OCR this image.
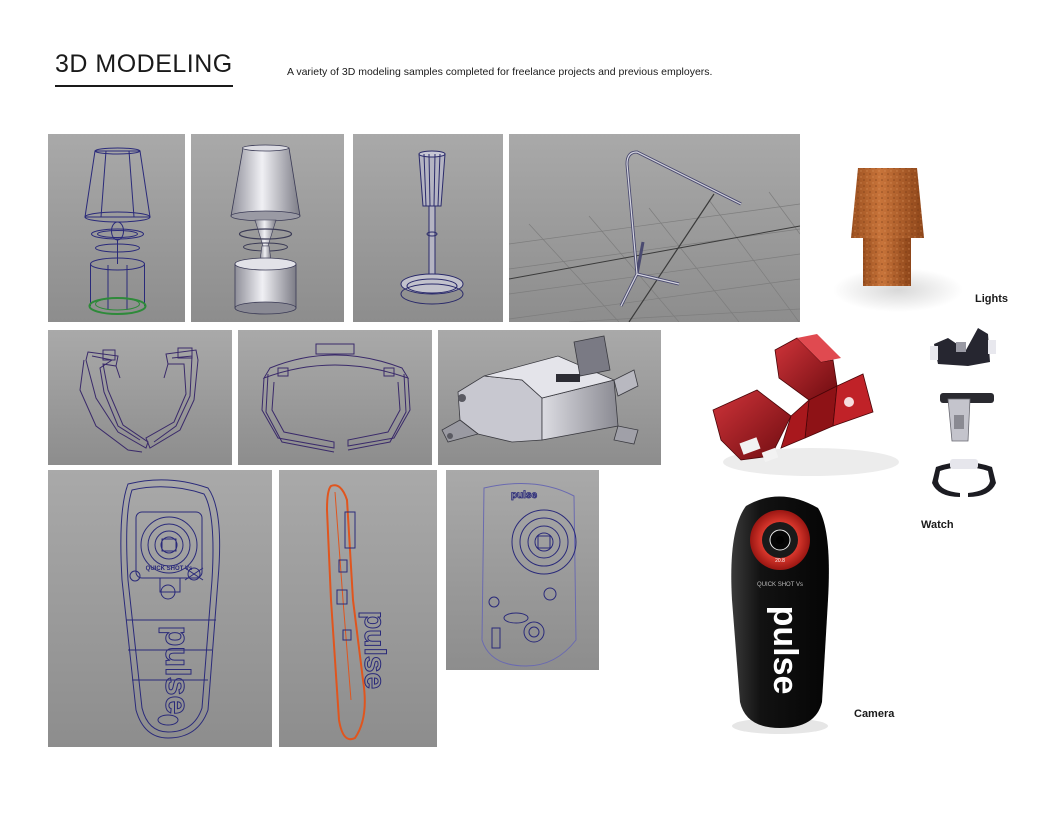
3D MODELING	A variety of 3D modeling samples completed for freelance projects and previous employers.
Lights
Watch
QUICK SHOT Vs
pulse	pulse
pulse
20.8
QUICK SHOT Vs
pulse
Camera
